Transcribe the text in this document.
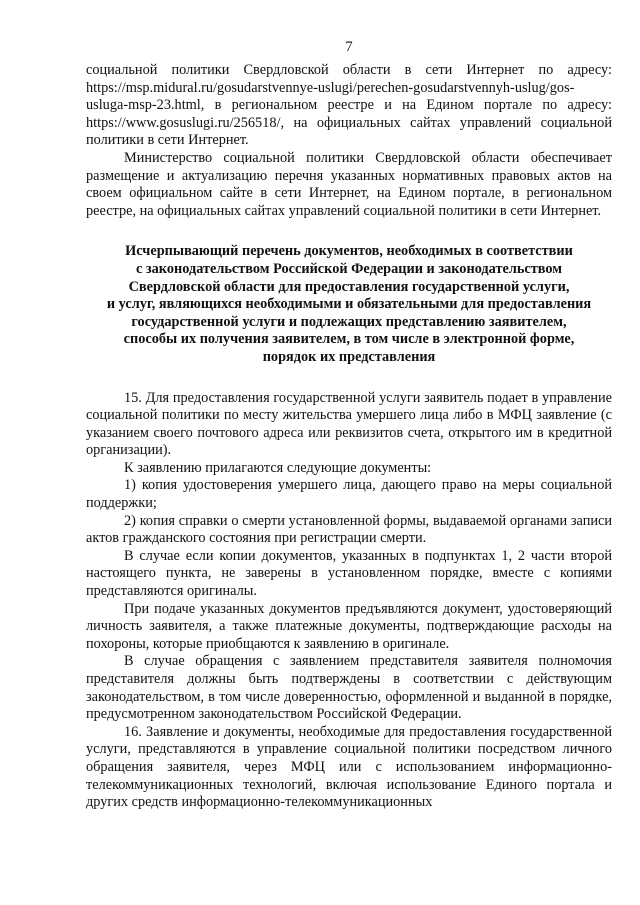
7

социальной политики Свердловской области в сети Интернет по адресу: https://msp.midural.ru/gosudarstvennye-uslugi/perechen-gosudarstvennyh-uslug/gos-usluga-msp-23.html, в региональном реестре и на Едином портале по адресу: https://www.gosuslugi.ru/256518/, на официальных сайтах управлений социальной политики в сети Интернет.

Министерство социальной политики Свердловской области обеспечивает размещение и актуализацию перечня указанных нормативных правовых актов на своем официальном сайте в сети Интернет, на Едином портале, в региональном реестре, на официальных сайтах управлений социальной политики в сети Интернет.

Исчерпывающий перечень документов, необходимых в соответствии
с законодательством Российской Федерации и законодательством
Свердловской области для предоставления государственной услуги,
и услуг, являющихся необходимыми и обязательными для предоставления
государственной услуги и подлежащих представлению заявителем,
способы их получения заявителем, в том числе в электронной форме,
порядок их представления

15. Для предоставления государственной услуги заявитель подает в управление социальной политики по месту жительства умершего лица либо в МФЦ заявление (с указанием своего почтового адреса или реквизитов счета, открытого им в кредитной организации).

К заявлению прилагаются следующие документы:

1) копия удостоверения умершего лица, дающего право на меры социальной поддержки;

2) копия справки о смерти установленной формы, выдаваемой органами записи актов гражданского состояния при регистрации смерти.

В случае если копии документов, указанных в подпунктах 1, 2 части второй настоящего пункта, не заверены в установленном порядке, вместе с копиями представляются оригиналы.

При подаче указанных документов предъявляются документ, удостоверяющий личность заявителя, а также платежные документы, подтверждающие расходы на похороны, которые приобщаются к заявлению в оригинале.

В случае обращения с заявлением представителя заявителя полномочия представителя должны быть подтверждены в соответствии с действующим законодательством, в том числе доверенностью, оформленной и выданной в порядке, предусмотренном законодательством Российской Федерации.

16. Заявление и документы, необходимые для предоставления государственной услуги, представляются в управление социальной политики посредством личного обращения заявителя, через МФЦ или с использованием информационно-телекоммуникационных технологий, включая использование Единого портала и других средств информационно-телекоммуникационных
